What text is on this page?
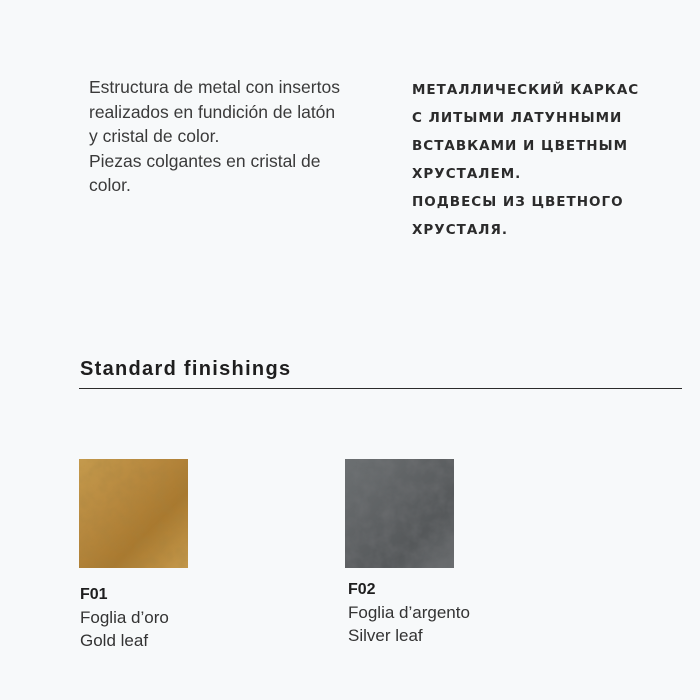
Estructura de metal con insertos

realizados en fundición de latón

y cristal de color.

Piezas colgantes en cristal de

color.

МЕТАЛЛИЧЕСКИЙ КАРКАС

С ЛИТЫМИ ЛАТУННЫМИ

ВСТАВКАМИ И ЦВЕТНЫМ

ХРУСТАЛЕМ.

ПОДВЕСЫ ИЗ ЦВЕТНОГО

ХРУСТАЛЯ.

Standard finishings
F01
Foglia d’oro
Gold leaf
F02
Foglia d’argento
Silver leaf
